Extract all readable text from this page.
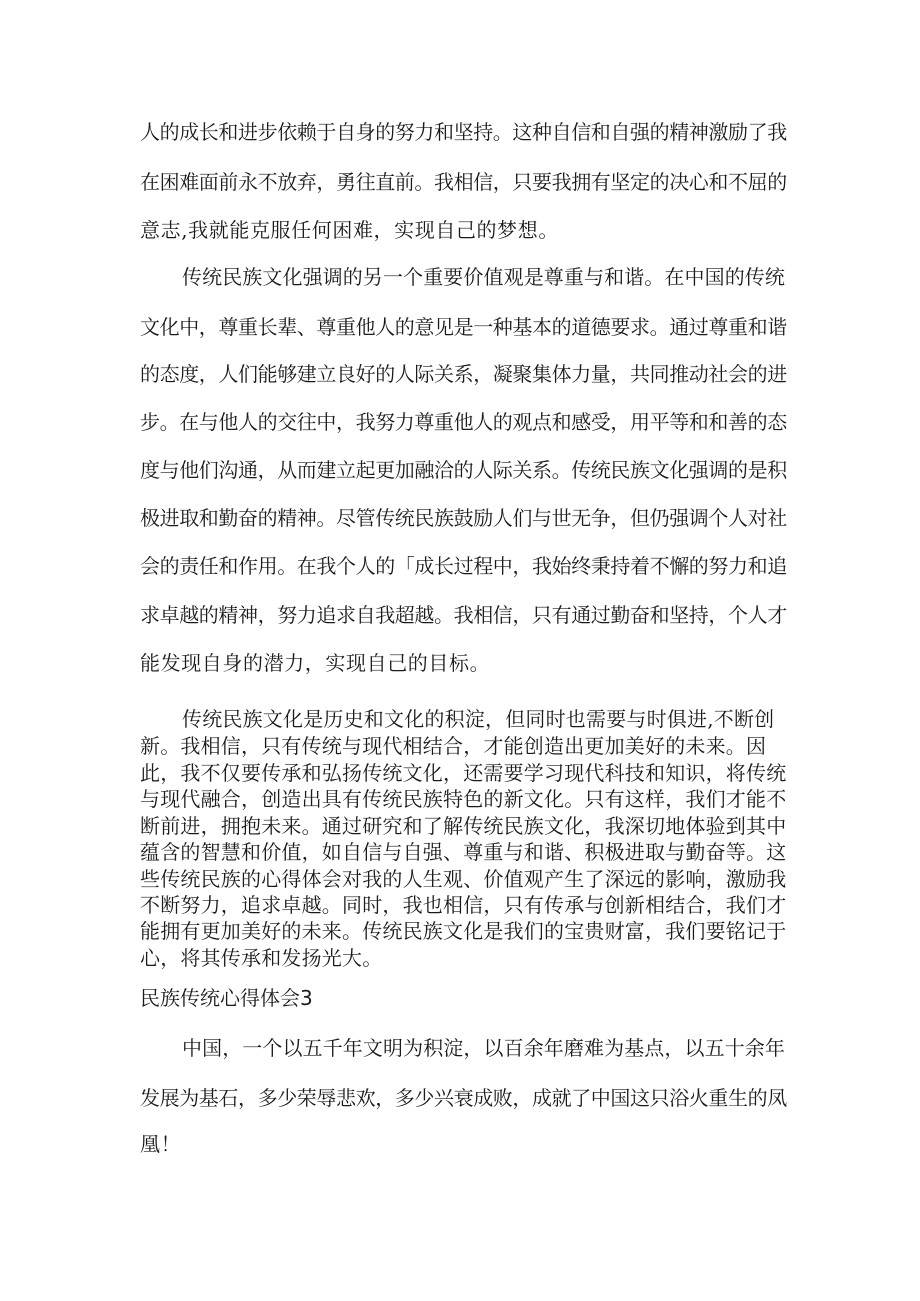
人的成长和进步依赖于自身的努力和坚持。这种自信和自强的精神激励了我
在困难面前永不放弃，勇往直前。我相信，只要我拥有坚定的决心和不屈的
意志,我就能克服任何困难，实现自己的梦想。
传统民族文化强调的另一个重要价值观是尊重与和谐。在中国的传统
文化中，尊重长辈、尊重他人的意见是一种基本的道德要求。通过尊重和谐
的态度，人们能够建立良好的人际关系，凝聚集体力量，共同推动社会的进
步。在与他人的交往中，我努力尊重他人的观点和感受，用平等和和善的态
度与他们沟通，从而建立起更加融洽的人际关系。传统民族文化强调的是积
极进取和勤奋的精神。尽管传统民族鼓励人们与世无争，但仍强调个人对社
会的责任和作用。在我个人的「成长过程中，我始终秉持着不懈的努力和追
求卓越的精神，努力追求自我超越。我相信，只有通过勤奋和坚持，个人才
能发现自身的潜力，实现自己的目标。
传统民族文化是历史和文化的积淀，但同时也需要与时俱进,不断创
新。我相信，只有传统与现代相结合，才能创造出更加美好的未来。因
此，我不仅要传承和弘扬传统文化，还需要学习现代科技和知识，将传统
与现代融合，创造出具有传统民族特色的新文化。只有这样，我们才能不
断前进，拥抱未来。通过研究和了解传统民族文化，我深切地体验到其中
蕴含的智慧和价值，如自信与自强、尊重与和谐、积极进取与勤奋等。这
些传统民族的心得体会对我的人生观、价值观产生了深远的影响，激励我
不断努力，追求卓越。同时，我也相信，只有传承与创新相结合，我们才
能拥有更加美好的未来。传统民族文化是我们的宝贵财富，我们要铭记于
心，将其传承和发扬光大。
民族传统心得体会3
中国，一个以五千年文明为积淀，以百余年磨难为基点，以五十余年
发展为基石，多少荣辱悲欢，多少兴衰成败，成就了中国这只浴火重生的凤
凰！
